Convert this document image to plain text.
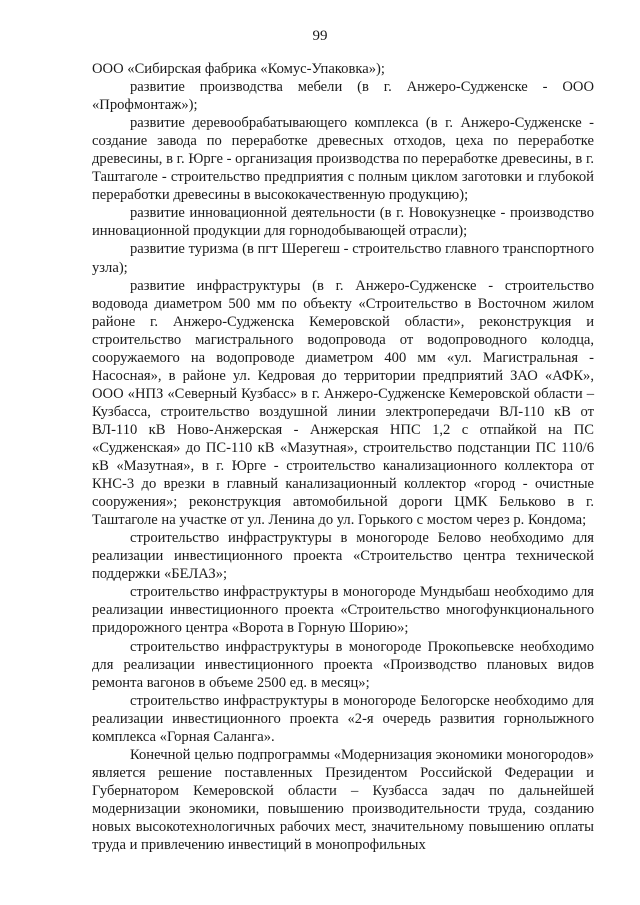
99

ООО «Сибирская фабрика «Комус-Упаковка»);

развитие производства мебели (в г. Анжеро-Судженске - ООО «Профмонтаж»);

развитие деревообрабатывающего комплекса (в г. Анжеро-Судженске - создание завода по переработке древесных отходов, цеха по переработке древесины, в г. Юрге - организация производства по переработке древесины, в г. Таштаголе - строительство предприятия с полным циклом заготовки и глубокой переработки древесины в высококачественную продукцию);

развитие инновационной деятельности (в г. Новокузнецке - производство инновационной продукции для горнодобывающей отрасли);

развитие туризма (в пгт Шерегеш - строительство главного транспортного узла);

развитие инфраструктуры (в г. Анжеро-Судженске - строительство водовода диаметром 500 мм по объекту «Строительство в Восточном жилом районе г. Анжеро-Судженска Кемеровской области», реконструкция и строительство магистрального водопровода от водопроводного колодца, сооружаемого на водопроводе диаметром 400 мм «ул. Магистральная - Насосная», в районе ул. Кедровая до территории предприятий ЗАО «АФК», ООО «НПЗ «Северный Кузбасс» в г. Анжеро-Судженске Кемеровской области – Кузбасса, строительство воздушной линии электропередачи ВЛ-110 кВ от ВЛ-110 кВ Ново-Анжерская - Анжерская НПС 1,2 с отпайкой на ПС «Судженская» до ПС-110 кВ «Мазутная», строительство подстанции ПС 110/6 кВ «Мазутная», в г. Юрге - строительство канализационного коллектора от КНС-3 до врезки в главный канализационный коллектор «город - очистные сооружения»; реконструкция автомобильной дороги ЦМК Бельково в г. Таштаголе на участке от ул. Ленина до ул. Горького с мостом через р. Кондома;

строительство инфраструктуры в моногороде Белово необходимо для реализации инвестиционного проекта «Строительство центра технической поддержки «БЕЛАЗ»;

строительство инфраструктуры в моногороде Мундыбаш необходимо для реализации инвестиционного проекта «Строительство многофункционального придорожного центра «Ворота в Горную Шорию»;

строительство инфраструктуры в моногороде Прокопьевске необходимо для реализации инвестиционного проекта «Производство плановых видов ремонта вагонов в объеме 2500 ед. в месяц»;

строительство инфраструктуры в моногороде Белогорске необходимо для реализации инвестиционного проекта «2-я очередь развития горнолыжного комплекса «Горная Саланга».

Конечной целью подпрограммы «Модернизация экономики моногородов» является решение поставленных Президентом Российской Федерации и Губернатором Кемеровской области – Кузбасса задач по дальнейшей модернизации экономики, повышению производительности труда, созданию новых высокотехнологичных рабочих мест, значительному повышению оплаты труда и привлечению инвестиций в монопрофильных
